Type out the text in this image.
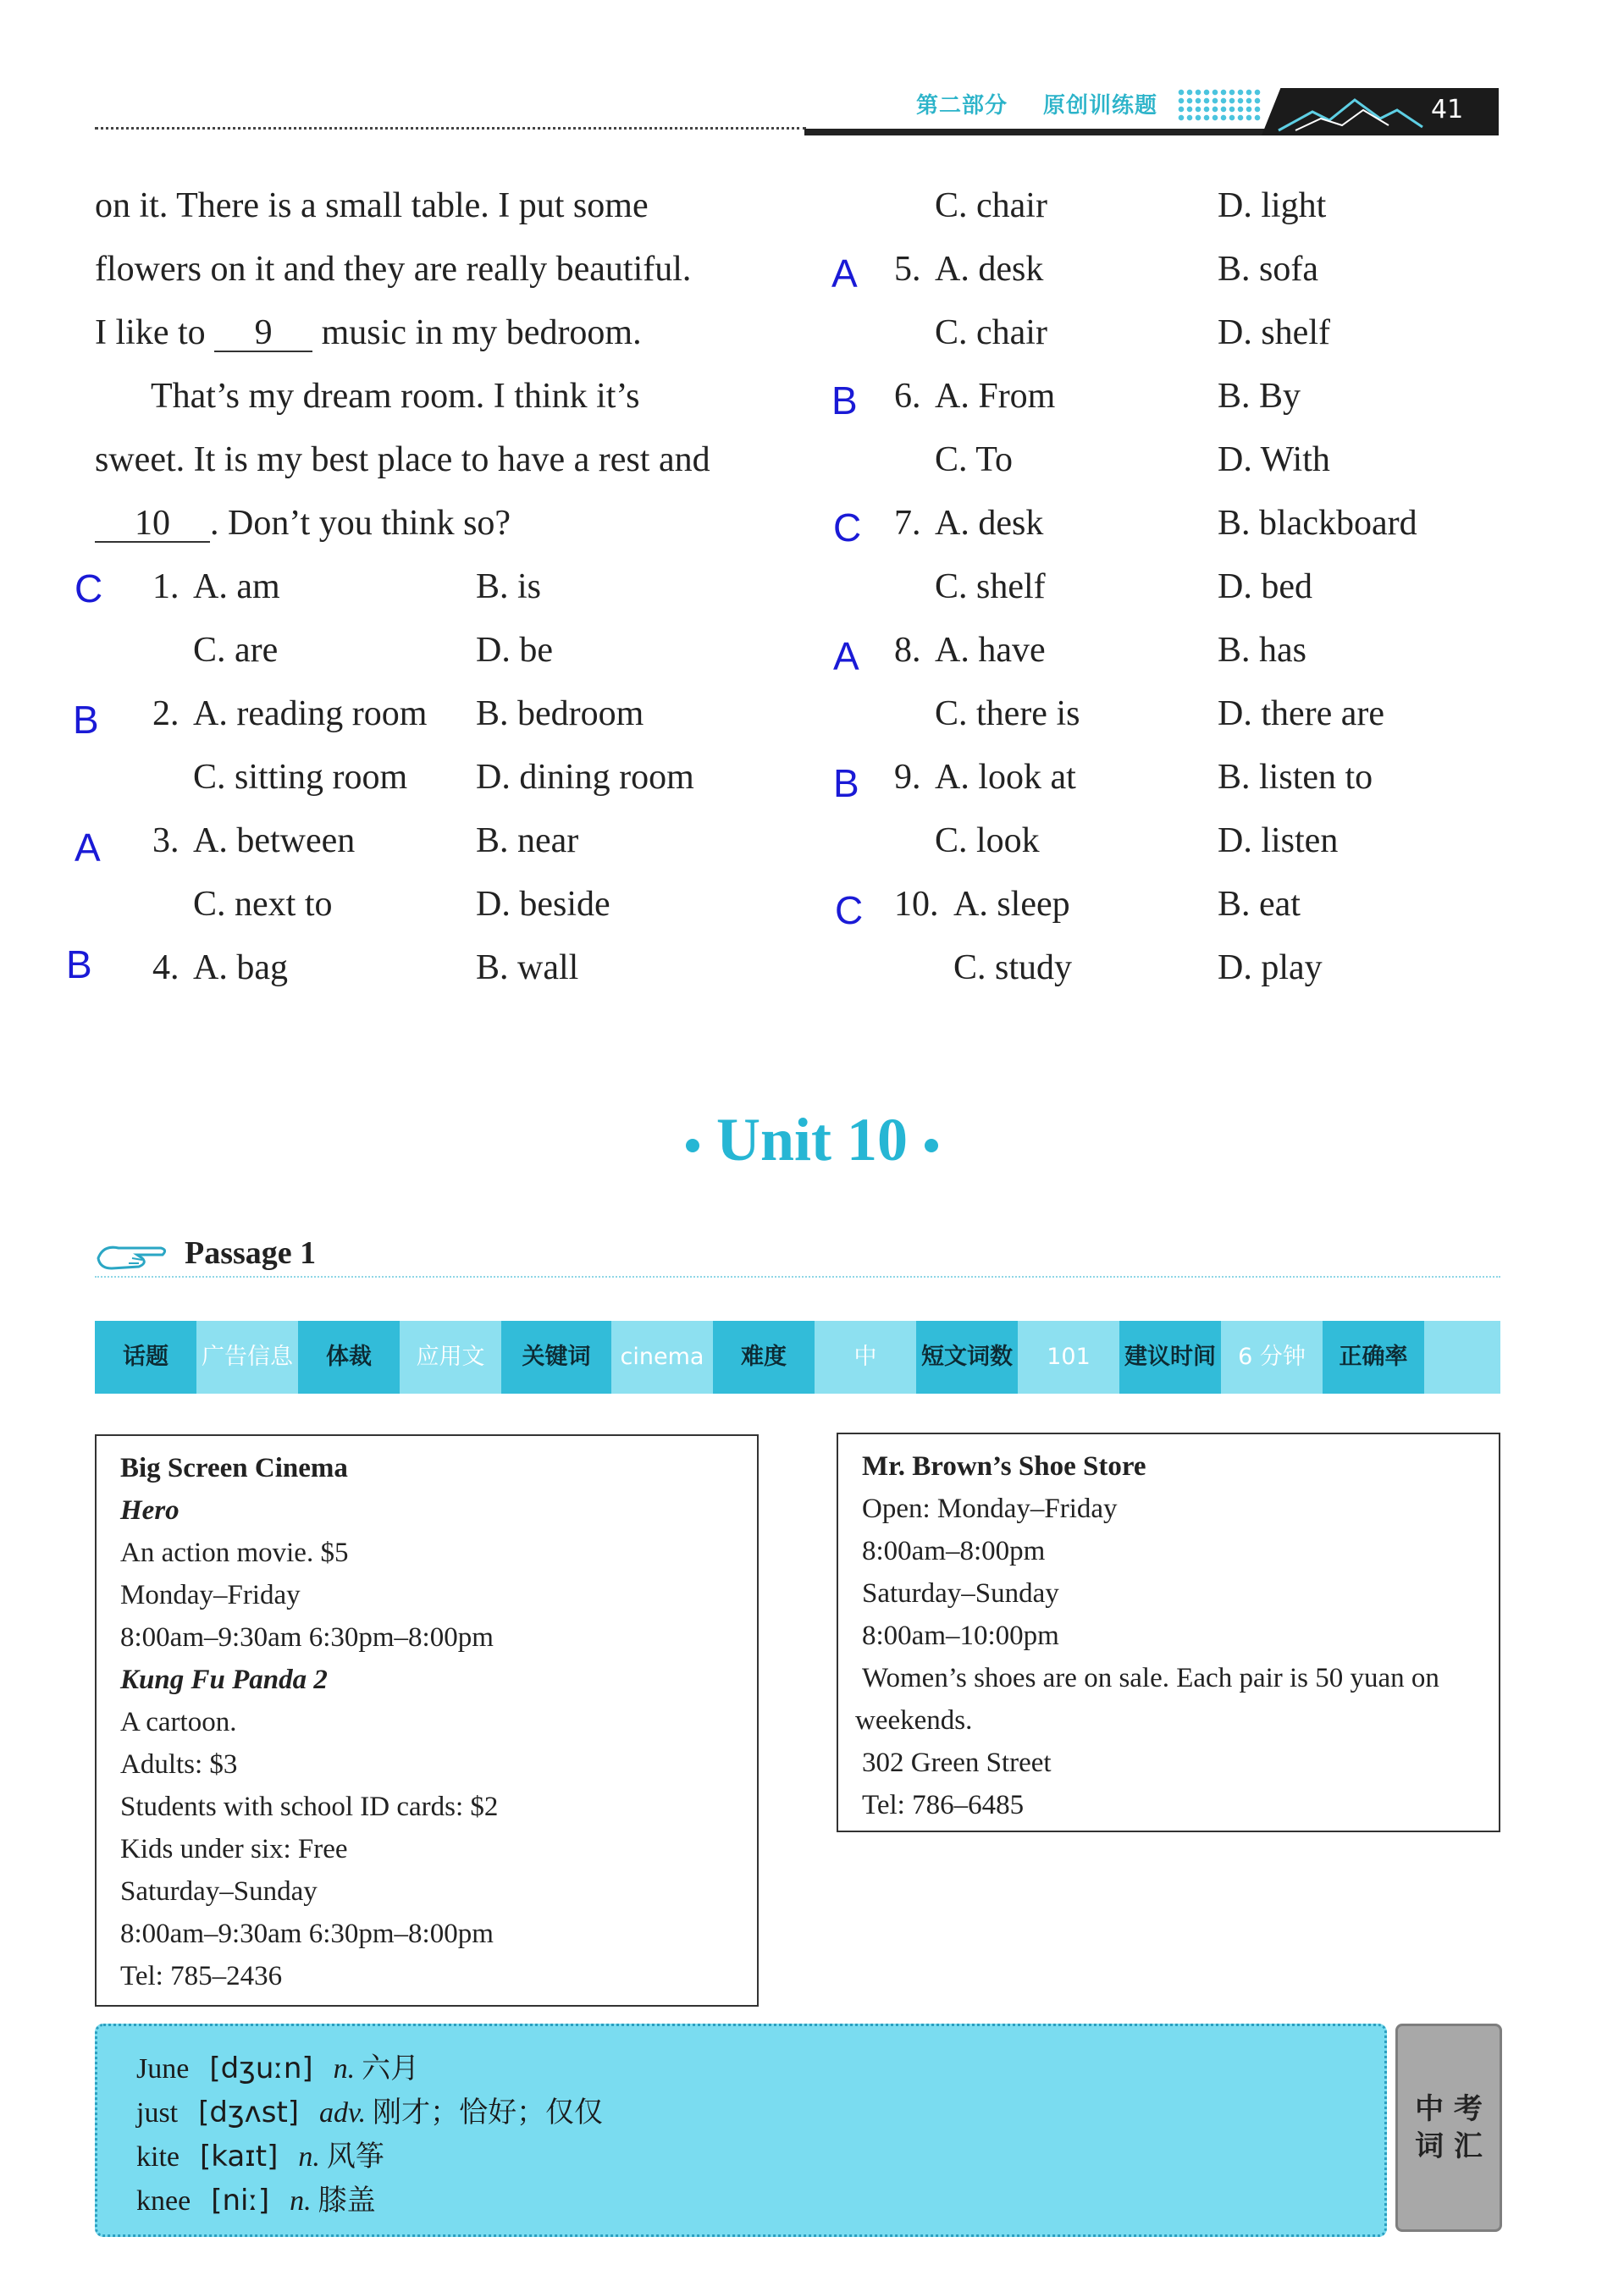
第二部分 原创训练题	41
on it. There is a small table. I put some
flowers on it and they are really beautiful.
I like to 9 music in my bedroom.
That’s my dream room. I think it’s
sweet. It is my best place to have a rest and
10 . Don’t you think so?
C 1. A. am	B. is
C. are	D. be
B 2. A. reading room B. bedroom
C. sitting room D. dining room
A 3. A. between	B. near
C. next to	D. beside
B 4. A. bag	B. wall
C. chair	D. light
A 5. A. desk	B. sofa
C. chair	D. shelf
B 6. A. From	B. By
C. To	D. With
C 7. A. desk	B. blackboard
C. shelf	D. bed
A 8. A. have	B. has
C. there is	D. there are
B 9. A. look at	B. listen to
C. look	D. listen
C 10. A. sleep	B. eat
C. study	D. play
Unit 10
Passage 1
话题	广告信息	体裁	应用文	关键词	cinema	难度	中	短文词数	101	建议时间 6 分钟	正确率
Big Screen Cinema
Hero
An action movie. $5
Monday–Friday
8:00am–9:30am 6:30pm–8:00pm
Kung Fu Panda 2
A cartoon.
Adults: $3
Students with school ID cards: $2
Kids under six: Free
Saturday–Sunday
8:00am–9:30am 6:30pm–8:00pm
Tel: 785–2436
Mr. Brown’s Shoe Store
Open: Monday–Friday
8:00am–8:00pm
Saturday–Sunday
8:00am–10:00pm
Women’s shoes are on sale. Each pair is 50 yuan on
weekends.
302 Green Street
Tel: 786–6485
June [dʒuːn] n. 六月
just [dʒʌst] adv. 刚才；恰好；仅仅
kite [kaɪt] n. 风筝
knee [niː] n. 膝盖
中 考
词 汇
